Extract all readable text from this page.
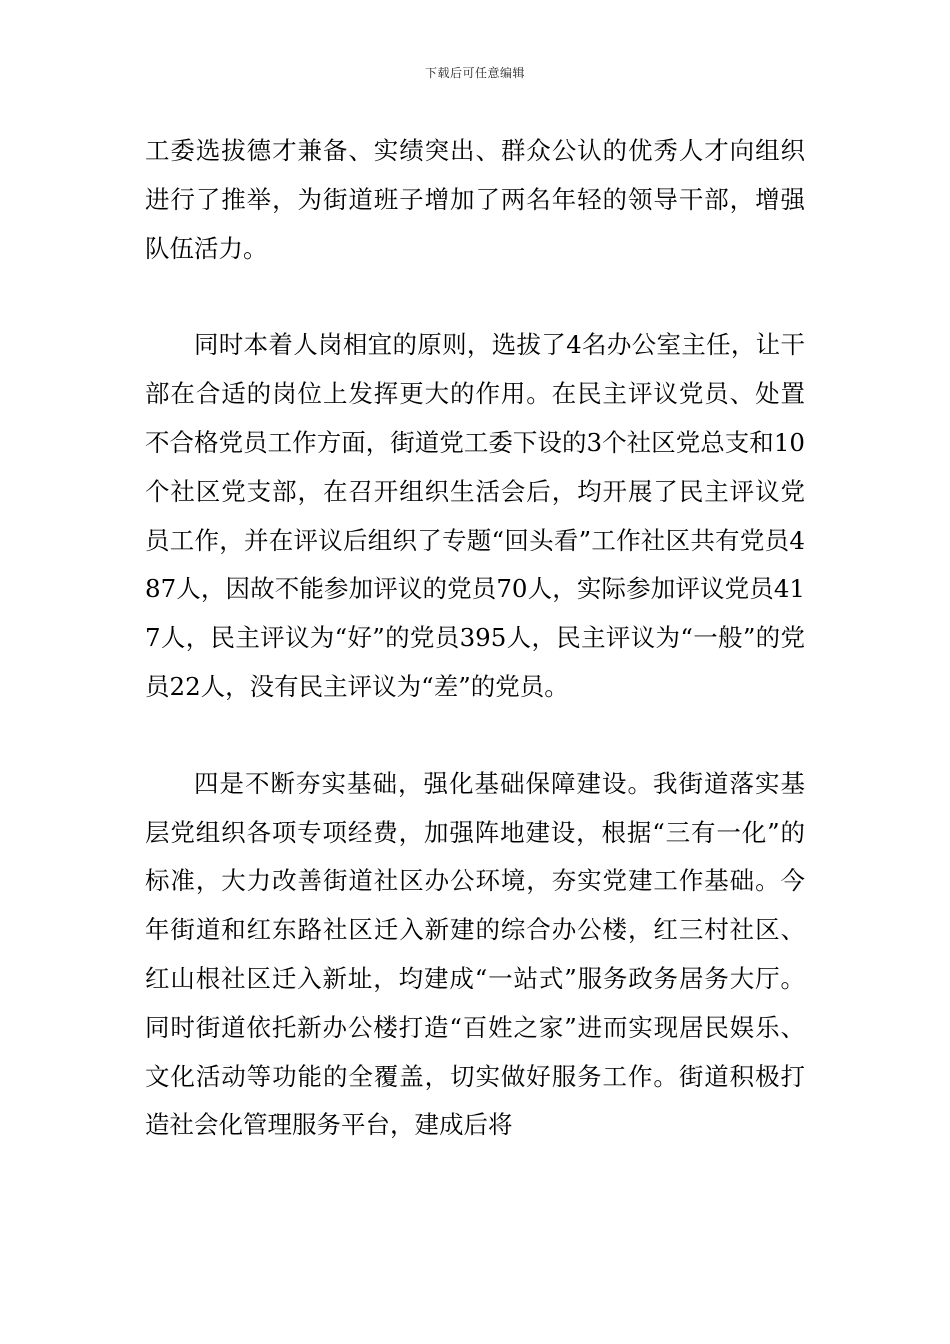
下载后可任意编辑

工委选拔德才兼备、实绩突出、群众公认的优秀人才向组织进行了推举，为街道班子增加了两名年轻的领导干部，增强队伍活力。

同时本着人岗相宜的原则，选拔了4名办公室主任，让干部在合适的岗位上发挥更大的作用。在民主评议党员、处置不合格党员工作方面，街道党工委下设的3个社区党总支和10个社区党支部，在召开组织生活会后，均开展了民主评议党员工作，并在评议后组织了专题“回头看”工作社区共有党员487人，因故不能参加评议的党员70人，实际参加评议党员417人，民主评议为“好”的党员395人，民主评议为“一般”的党员22人，没有民主评议为“差”的党员。

四是不断夯实基础，强化基础保障建设。我街道落实基层党组织各项专项经费，加强阵地建设，根据“三有一化”的标准，大力改善街道社区办公环境，夯实党建工作基础。今年街道和红东路社区迁入新建的综合办公楼，红三村社区、红山根社区迁入新址，均建成“一站式”服务政务居务大厅。同时街道依托新办公楼打造“百姓之家”进而实现居民娱乐、文化活动等功能的全覆盖，切实做好服务工作。街道积极打造社会化管理服务平台，建成后将
